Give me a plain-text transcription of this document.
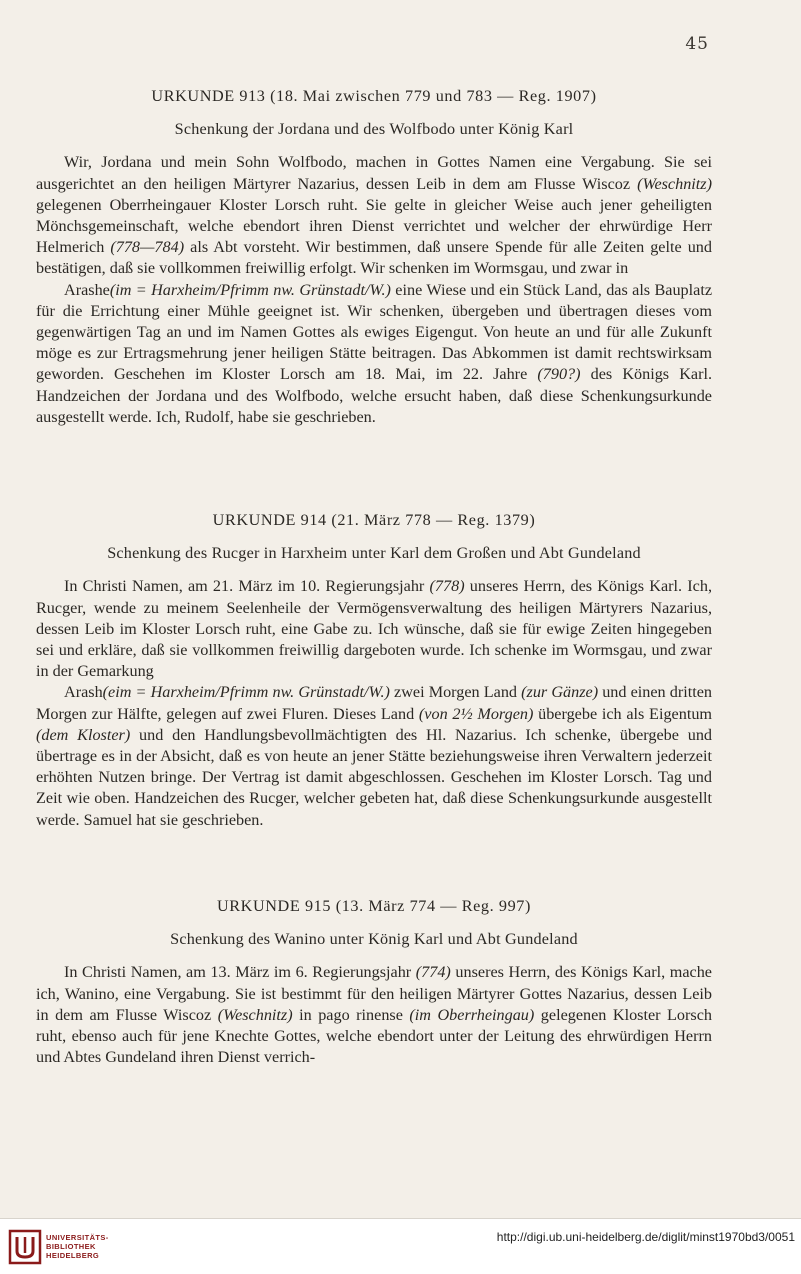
45

URKUNDE 913 (18. Mai zwischen 779 und 783 — Reg. 1907)

Schenkung der Jordana und des Wolfbodo unter König Karl

Wir, Jordana und mein Sohn Wolfbodo, machen in Gottes Namen eine Vergabung. Sie sei ausgerichtet an den heiligen Märtyrer Nazarius, dessen Leib in dem am Flusse Wiscoz (Weschnitz) gelegenen Oberrheingauer Kloster Lorsch ruht. Sie gelte in gleicher Weise auch jener geheiligten Mönchsgemeinschaft, welche ebendort ihren Dienst verrichtet und welcher der ehrwürdige Herr Helmerich (778—784) als Abt vorsteht. Wir bestimmen, daß unsere Spende für alle Zeiten gelte und bestätigen, daß sie vollkommen freiwillig erfolgt. Wir schenken im Wormsgau, und zwar in

Arashe(im = Harxheim/Pfrimm nw. Grünstadt/W.) eine Wiese und ein Stück Land, das als Bauplatz für die Errichtung einer Mühle geeignet ist. Wir schenken, übergeben und übertragen dieses vom gegenwärtigen Tag an und im Namen Gottes als ewiges Eigengut. Von heute an und für alle Zukunft möge es zur Ertragsmehrung jener heiligen Stätte beitragen. Das Abkommen ist damit rechtswirksam geworden. Geschehen im Kloster Lorsch am 18. Mai, im 22. Jahre (790?) des Königs Karl. Handzeichen der Jordana und des Wolfbodo, welche ersucht haben, daß diese Schenkungsurkunde ausgestellt werde. Ich, Rudolf, habe sie geschrieben.

URKUNDE 914 (21. März 778 — Reg. 1379)

Schenkung des Rucger in Harxheim unter Karl dem Großen und Abt Gundeland

In Christi Namen, am 21. März im 10. Regierungsjahr (778) unseres Herrn, des Königs Karl. Ich, Rucger, wende zu meinem Seelenheile der Vermögensverwaltung des heiligen Märtyrers Nazarius, dessen Leib im Kloster Lorsch ruht, eine Gabe zu. Ich wünsche, daß sie für ewige Zeiten hingegeben sei und erkläre, daß sie vollkommen freiwillig dargeboten wurde. Ich schenke im Wormsgau, und zwar in der Gemarkung

Arash(eim = Harxheim/Pfrimm nw. Grünstadt/W.) zwei Morgen Land (zur Gänze) und einen dritten Morgen zur Hälfte, gelegen auf zwei Fluren. Dieses Land (von 2½ Morgen) übergebe ich als Eigentum (dem Kloster) und den Handlungsbevollmächtigten des Hl. Nazarius. Ich schenke, übergebe und übertrage es in der Absicht, daß es von heute an jener Stätte beziehungsweise ihren Verwaltern jederzeit erhöhten Nutzen bringe. Der Vertrag ist damit abgeschlossen. Geschehen im Kloster Lorsch. Tag und Zeit wie oben. Handzeichen des Rucger, welcher gebeten hat, daß diese Schenkungsurkunde ausgestellt werde. Samuel hat sie geschrieben.

URKUNDE 915 (13. März 774 — Reg. 997)

Schenkung des Wanino unter König Karl und Abt Gundeland

In Christi Namen, am 13. März im 6. Regierungsjahr (774) unseres Herrn, des Königs Karl, mache ich, Wanino, eine Vergabung. Sie ist bestimmt für den heiligen Märtyrer Gottes Nazarius, dessen Leib in dem am Flusse Wiscoz (Weschnitz) in pago rinense (im Oberrheingau) gelegenen Kloster Lorsch ruht, ebenso auch für jene Knechte Gottes, welche ebendort unter der Leitung des ehrwürdigen Herrn und Abtes Gundeland ihren Dienst verrich-

UNIVERSITÄTS-
BIBLIOTHEK
HEIDELBERG
http://digi.ub.uni-heidelberg.de/diglit/minst1970bd3/0051
